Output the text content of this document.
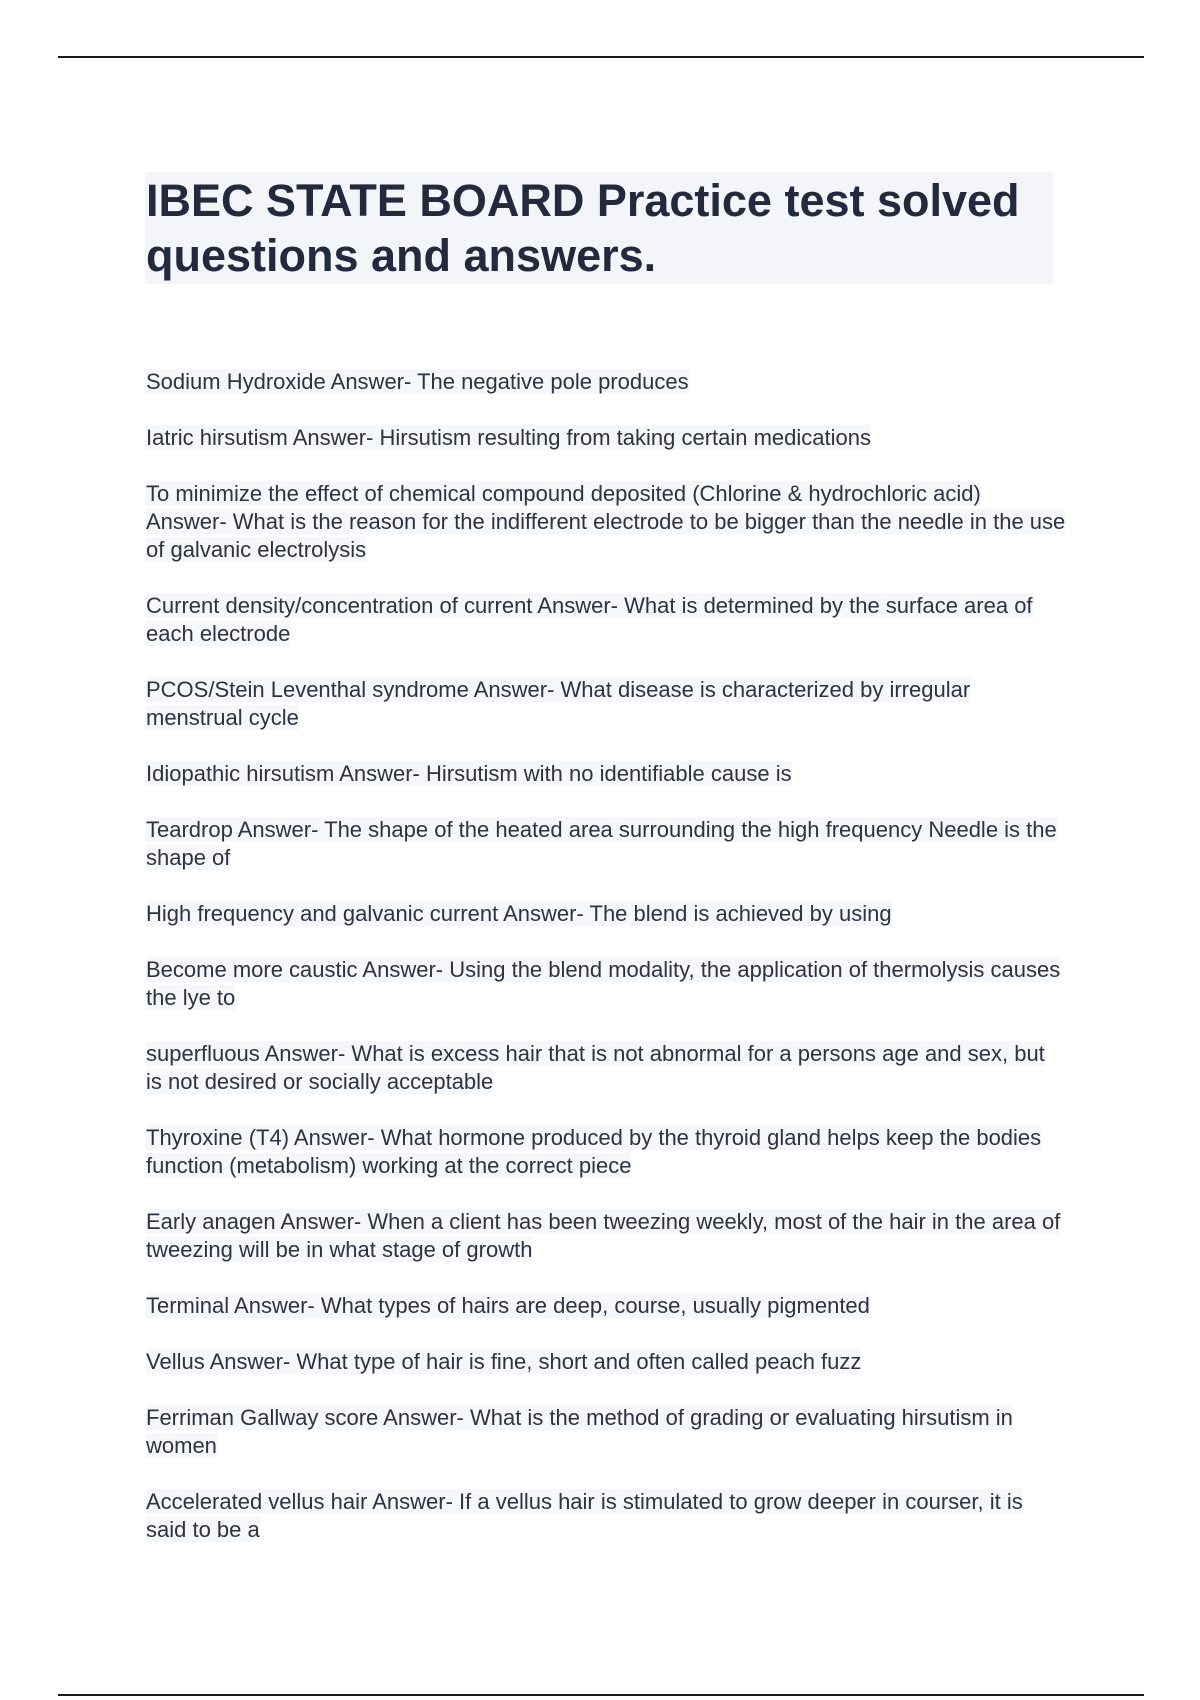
IBEC STATE BOARD Practice test solved questions and answers.
Sodium Hydroxide Answer- The negative pole produces
Iatric hirsutism Answer- Hirsutism resulting from taking certain medications
To minimize the effect of chemical compound deposited (Chlorine & hydrochloric acid) Answer- What is the reason for the indifferent electrode to be bigger than the needle in the use of galvanic electrolysis
Current density/concentration of current Answer- What is determined by the surface area of each electrode
PCOS/Stein Leventhal syndrome Answer- What disease is characterized by irregular menstrual cycle
Idiopathic hirsutism Answer- Hirsutism with no identifiable cause is
Teardrop Answer- The shape of the heated area surrounding the high frequency Needle is the shape of
High frequency and galvanic current Answer- The blend is achieved by using
Become more caustic Answer- Using the blend modality, the application of thermolysis causes the lye to
superfluous Answer- What is excess hair that is not abnormal for a persons age and sex, but is not desired or socially acceptable
Thyroxine (T4) Answer- What hormone produced by the thyroid gland helps keep the bodies function (metabolism) working at the correct piece
Early anagen Answer- When a client has been tweezing weekly, most of the hair in the area of tweezing will be in what stage of growth
Terminal Answer- What types of hairs are deep, course, usually pigmented
Vellus Answer- What type of hair is fine, short and often called peach fuzz
Ferriman Gallway score Answer- What is the method of grading or evaluating hirsutism in women
Accelerated vellus hair Answer- If a vellus hair is stimulated to grow deeper in courser, it is said to be a
